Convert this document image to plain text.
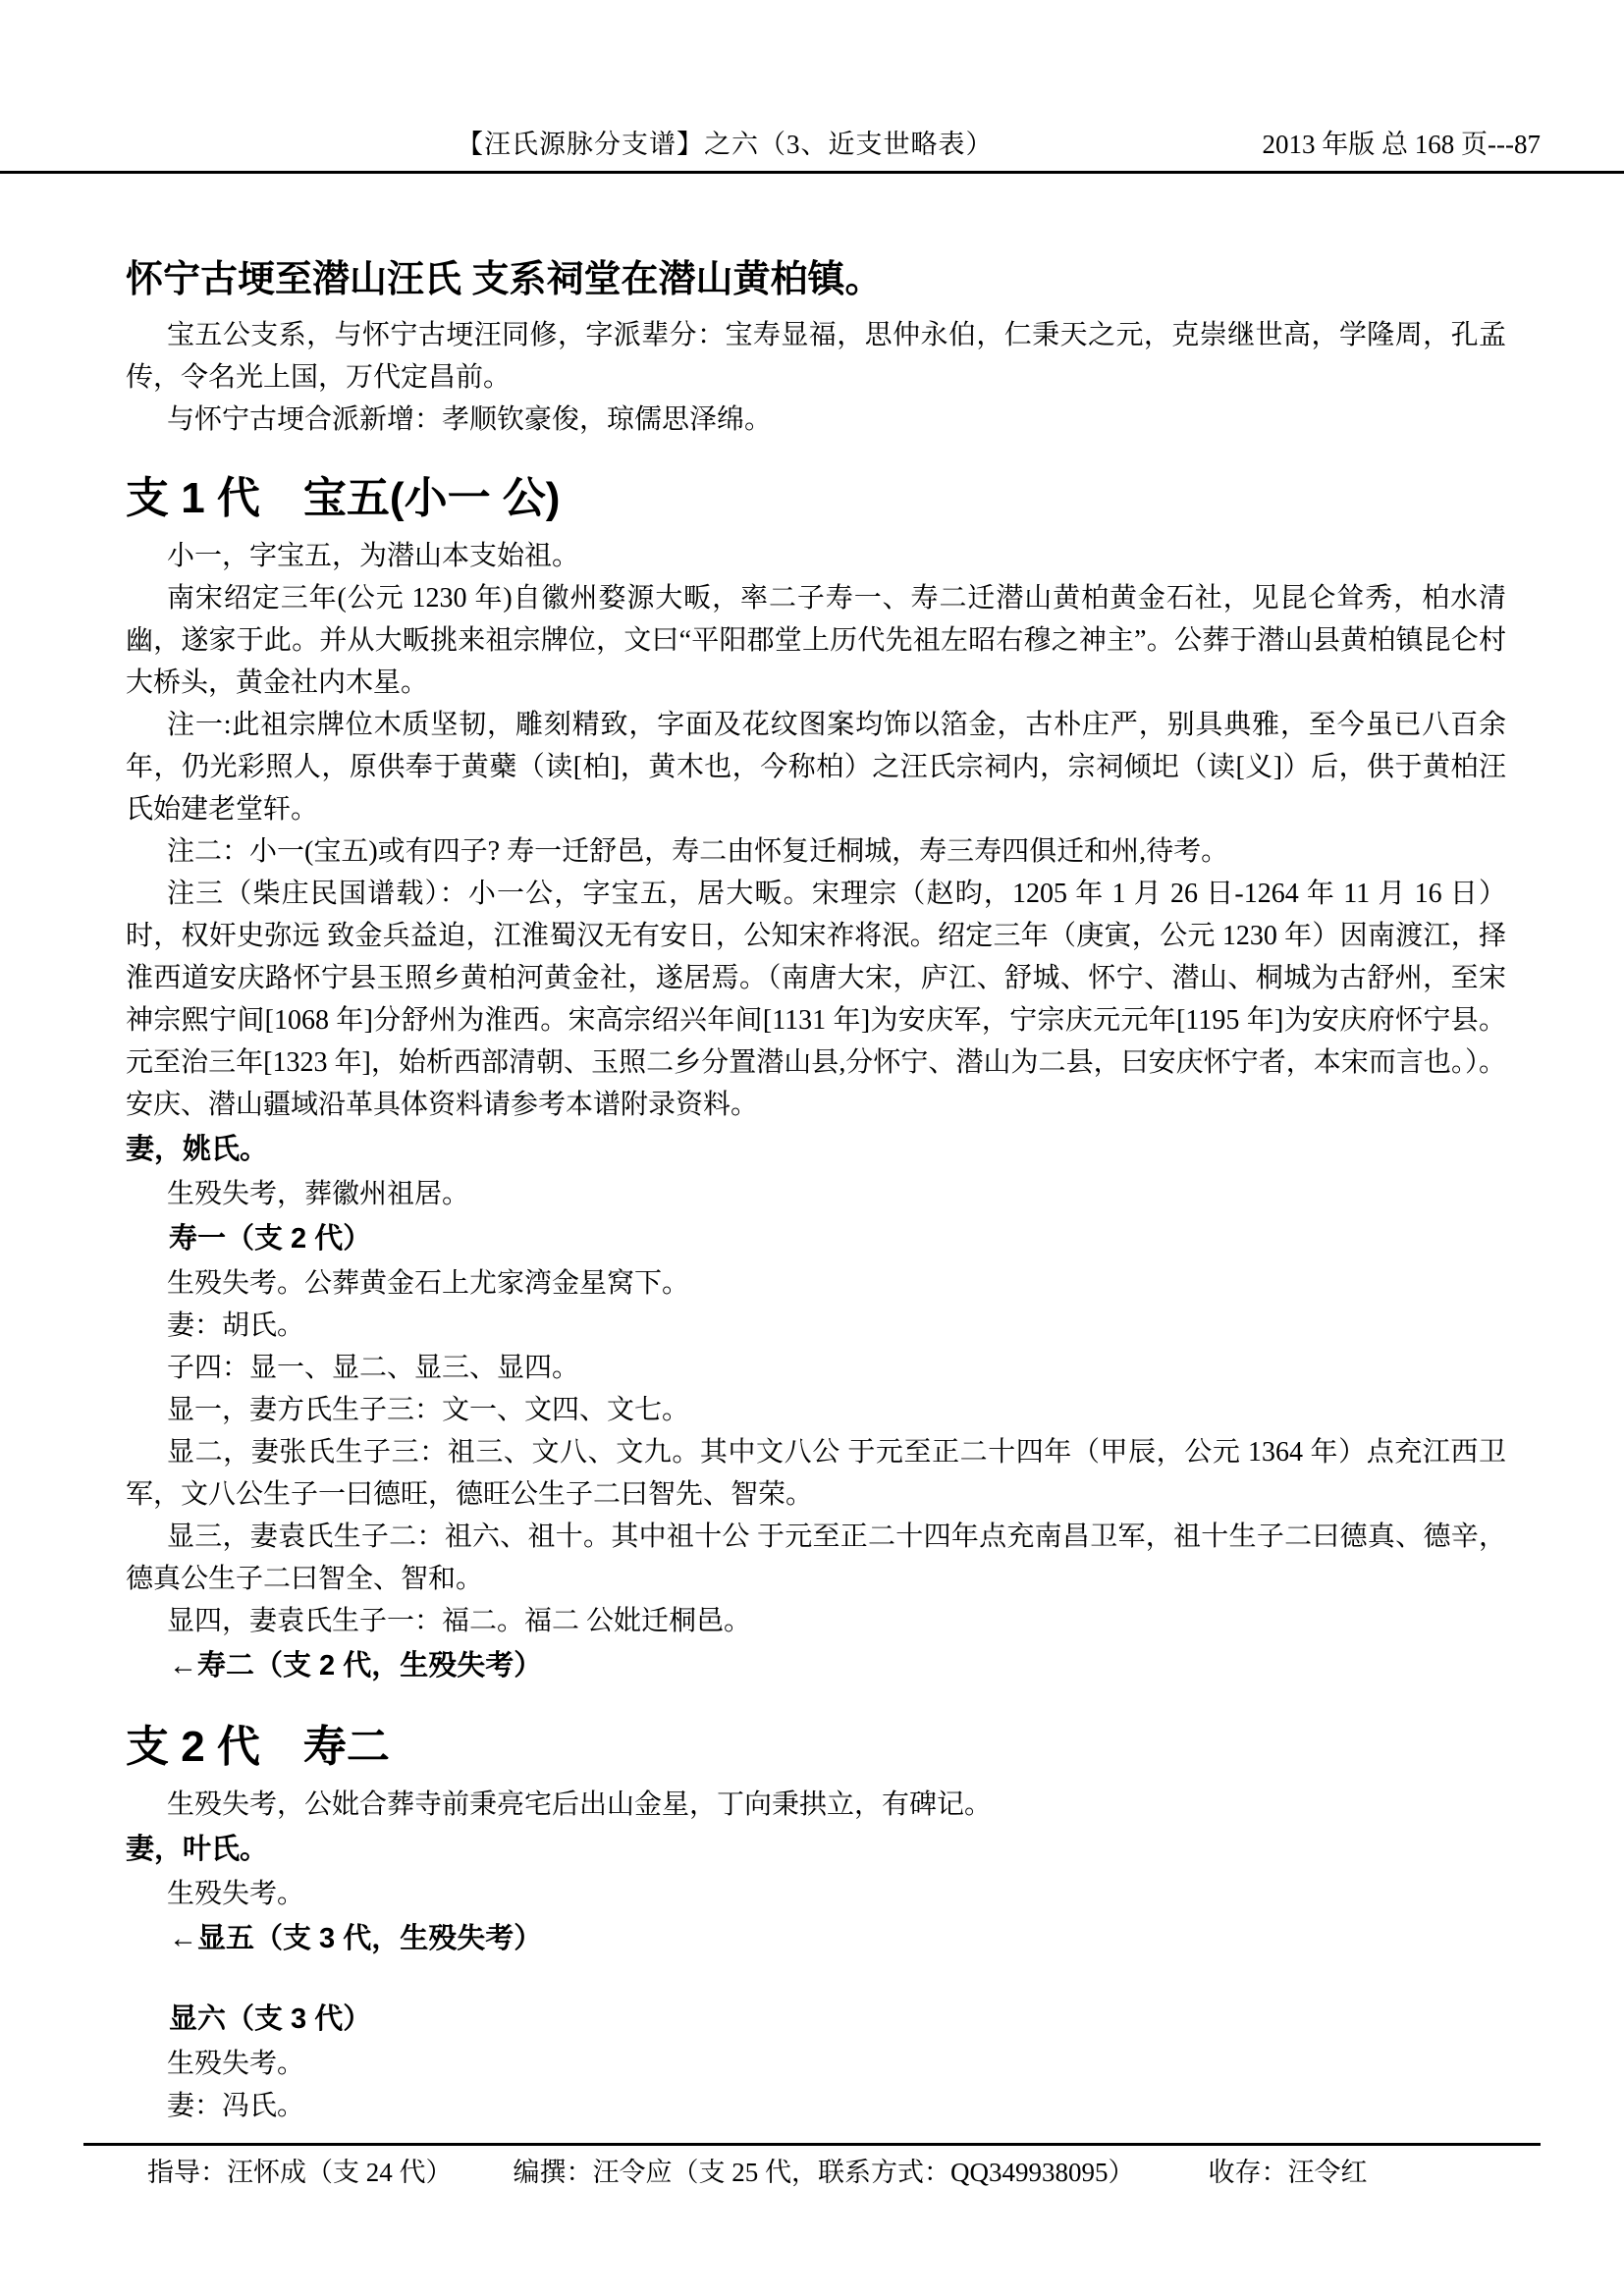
【汪氏源脉分支谱】之六（3、近支世略表）	2013 年版 总 168 页---87
怀宁古埂至潜山汪氏 支系祠堂在潜山黄柏镇。
宝五公支系，与怀宁古埂汪同修，字派辈分：宝寿显福，思仲永伯，仁秉天之元，克崇继世高，学隆周，孔孟传，令名光上国，万代定昌前。
与怀宁古埂合派新增：孝顺钦豪俊，琼儒思泽绵。
支 1 代　宝五(小一 公)
小一，字宝五，为潜山本支始祖。
南宋绍定三年(公元 1230 年)自徽州婺源大畈，率二子寿一、寿二迁潜山黄柏黄金石社，见昆仑耸秀，柏水清幽，遂家于此。并从大畈挑来祖宗牌位，文曰“平阳郡堂上历代先祖左昭右穆之神主”。公葬于潜山县黄柏镇昆仑村大桥头，黄金社内木星。
注一:此祖宗牌位木质坚韧，雕刻精致，字面及花纹图案均饰以箔金，古朴庄严，别具典雅，至今虽已八百余年，仍光彩照人，原供奉于黄蘗（读[柏]，黄木也，今称柏）之汪氏宗祠内，宗祠倾圯（读[义]）后，供于黄柏汪氏始建老堂轩。
注二：小一(宝五)或有四子? 寿一迁舒邑，寿二由怀复迁桐城，寿三寿四俱迁和州,待考。
注三（柴庄民国谱载）：小一公，字宝五，居大畈。宋理宗（赵昀，1205 年 1 月 26 日-1264 年 11 月 16 日）时，权奸史弥远 致金兵益迫，江淮蜀汉无有安日，公知宋祚将泯。绍定三年（庚寅，公元 1230 年）因南渡江，择淮西道安庆路怀宁县玉照乡黄柏河黄金社，遂居焉。（南唐大宋，庐江、舒城、怀宁、潜山、桐城为古舒州，至宋神宗熙宁间[1068 年]分舒州为淮西。宋高宗绍兴年间[1131 年]为安庆军，宁宗庆元元年[1195 年]为安庆府怀宁县。元至治三年[1323 年]，始析西部清朝、玉照二乡分置潜山县,分怀宁、潜山为二县，曰安庆怀宁者，本宋而言也。）。安庆、潜山疆域沿革具体资料请参考本谱附录资料。
妻，姚氏。
生殁失考，葬徽州祖居。
寿一（支 2 代）
生殁失考。公葬黄金石上尤家湾金星窝下。
妻：胡氏。
子四：显一、显二、显三、显四。
显一，妻方氏生子三：文一、文四、文七。
显二，妻张氏生子三：祖三、文八、文九。其中文八公 于元至正二十四年（甲辰，公元 1364 年）点充江西卫军，文八公生子一曰德旺，德旺公生子二曰智先、智荣。
显三，妻袁氏生子二：祖六、祖十。其中祖十公 于元至正二十四年点充南昌卫军，祖十生子二曰德真、德辛，德真公生子二曰智全、智和。
显四，妻袁氏生子一：福二。福二 公妣迁桐邑。
←寿二（支 2 代，生殁失考）
支 2 代　寿二
生殁失考，公妣合葬寺前秉亮宅后出山金星，丁向秉拱立，有碑记。
妻，叶氏。
生殁失考。
←显五（支 3 代，生殁失考）
显六（支 3 代）
生殁失考。
妻：冯氏。
指导：汪怀成（支 24 代） 编撰：汪令应（支 25 代，联系方式：QQ349938095）	收存：汪令红
